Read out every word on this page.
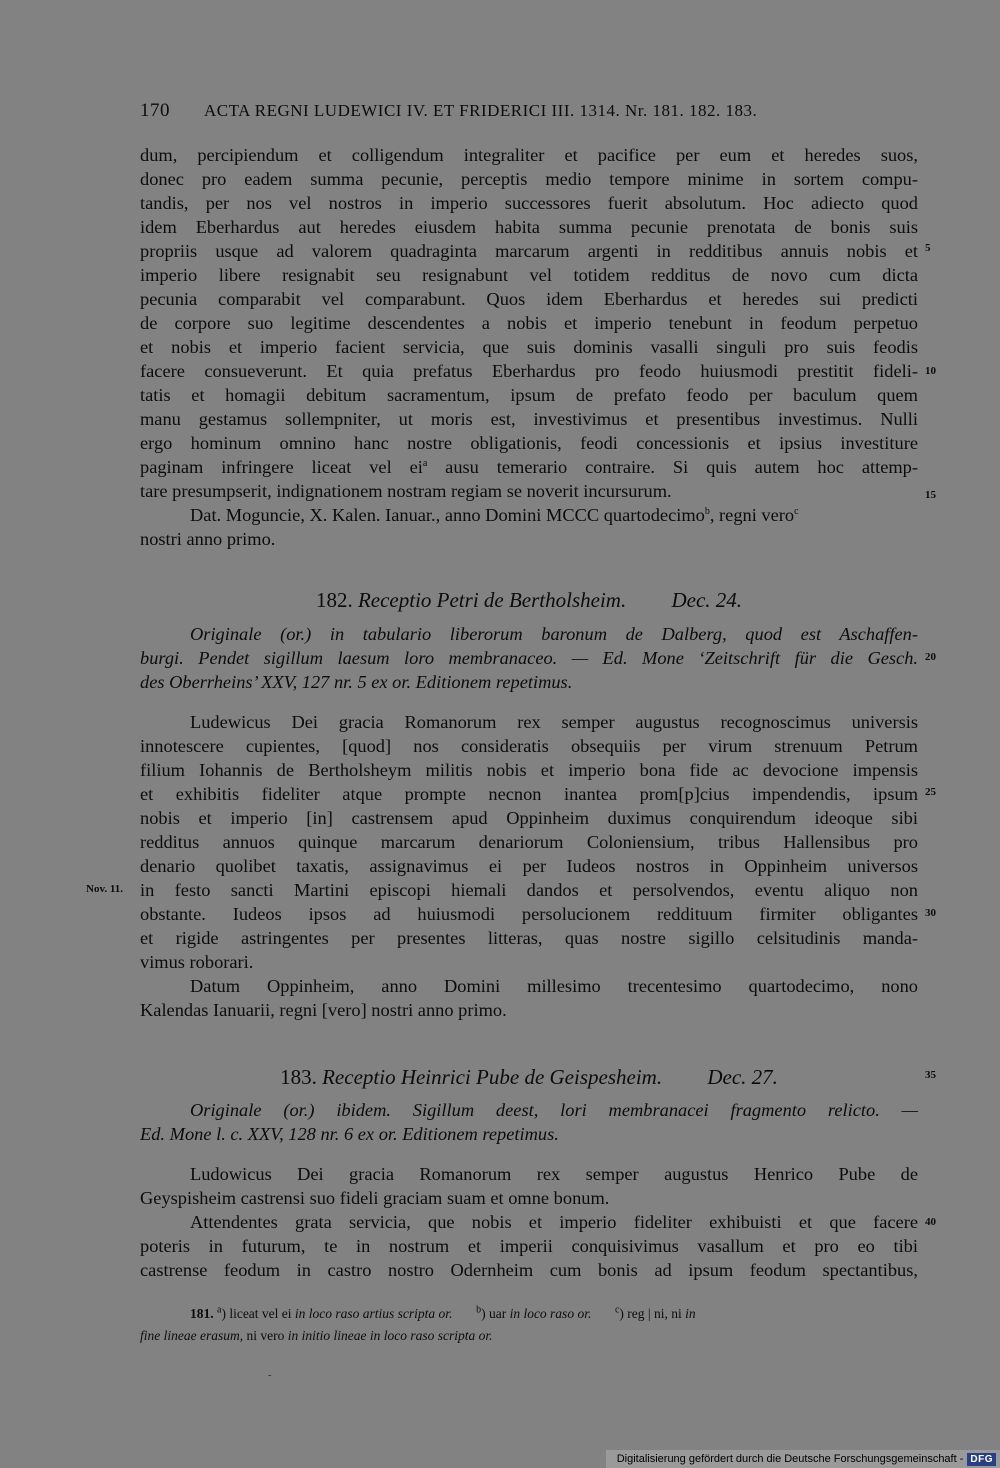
170 ACTA REGNI LUDEWICI IV. ET FRIDERICI III. 1314. Nr. 181. 182. 183.
dum, percipiendum et colligendum integraliter et pacifice per eum et heredes suos,
donec pro eadem summa pecunie, perceptis medio tempore minime in sortem compu-
tandis, per nos vel nostros in imperio successores fuerit absolutum. Hoc adiecto quod
idem Eberhardus aut heredes eiusdem habita summa pecunie prenotata de bonis suis
propriis usque ad valorem quadraginta marcarum argenti in redditibus annuis nobis et
imperio libere resignabit seu resignabunt vel totidem redditus de novo cum dicta
pecunia comparabit vel comparabunt. Quos idem Eberhardus et heredes sui predicti
de corpore suo legitime descendentes a nobis et imperio tenebunt in feodum perpetuo
et nobis et imperio facient servicia, que suis dominis vasalli singuli pro suis feodis
facere consueverunt. Et quia prefatus Eberhardus pro feodo huiusmodi prestitit fideli-
tatis et homagii debitum sacramentum, ipsum de prefato feodo per baculum quem
manu gestamus sollempniter, ut moris est, investivimus et presentibus investimus. Nulli
ergo hominum omnino hanc nostre obligationis, feodi concessionis et ipsius investiture
paginam infringere liceat vel $ei^a$ ausu temerario contraire. Si quis autem hoc attemp-
tare presumpserit, indignationem nostram regiam se noverit incursurum.
Dat. Moguncie, X. Kalen. Ianuar., anno Domini MCCC quartodecimo$^b$, regni vero$^c$
nostri anno primo.
5
10
15
182. Receptio Petri de Bertholsheim. Dec. 24.
Originale (or.) in tabulario liberorum baronum de Dalberg, quod est Aschaffen-
burgi. Pendet sigillum laesum loro membranaceo. — Ed. Mone ‘Zeitschrift für die Gesch.
des Oberrheins’ XXV, 127 nr. 5 ex or. Editionem repetimus.
20
Ludewicus Dei gracia Romanorum rex semper augustus recognoscimus universis
innotescere cupientes, [quod] nos consideratis obsequiis per virum strenuum Petrum
filium Iohannis de Bertholsheym militis nobis et imperio bona fide ac devocione impensis
et exhibitis fideliter atque prompte necnon inantea prom[p]cius impendendis, ipsum
nobis et imperio [in] castrensem apud Oppinheim duximus conquirendum ideoque sibi
redditus annuos quinque marcarum denariorum Coloniensium, tribus Hallensibus pro
denario quolibet taxatis, assignavimus ei per Iudeos nostros in Oppinheim universos
in festo sancti Martini episcopi hiemali dandos et persolvendos, eventu aliquo non
obstante. Iudeos ipsos ad huiusmodi persolucionem reddituum firmiter obligantes
et rigide astringentes per presentes litteras, quas nostre sigillo celsitudinis manda-
vimus roborari.
Datum Oppinheim, anno Domini millesimo trecentesimo quartodecimo, nono
Kalendas Ianuarii, regni [vero] nostri anno primo.
25
Nov. 11.
30
183. Receptio Heinrici Pube de Geispesheim. Dec. 27.	35
Originale (or.) ibidem. Sigillum deest, lori membranacei fragmento relicto. —
Ed. Mone l. c. XXV, 128 nr. 6 ex or. Editionem repetimus.
Ludowicus Dei gracia Romanorum rex semper augustus Henrico Pube de
Geyspisheim castrensi suo fideli graciam suam et omne bonum.
Attendentes grata servicia, que nobis et imperio fideliter exhibuisti et que facere
poteris in futurum, te in nostrum et imperii conquisivimus vasallum et pro eo tibi
castrense feodum in castro nostro Odernheim cum bonis ad ipsum feodum spectantibus,
40
181. $^a$) liceat vel ei in loco raso artius scripta or. $^b$) uar in loco raso or. $^c$) reg | ni, ni in
fine lineae erasum, ni vero in initio lineae in loco raso scripta or.
˜
Digitalisierung gefördert durch die Deutsche Forschungsgemeinschaft - DFG
